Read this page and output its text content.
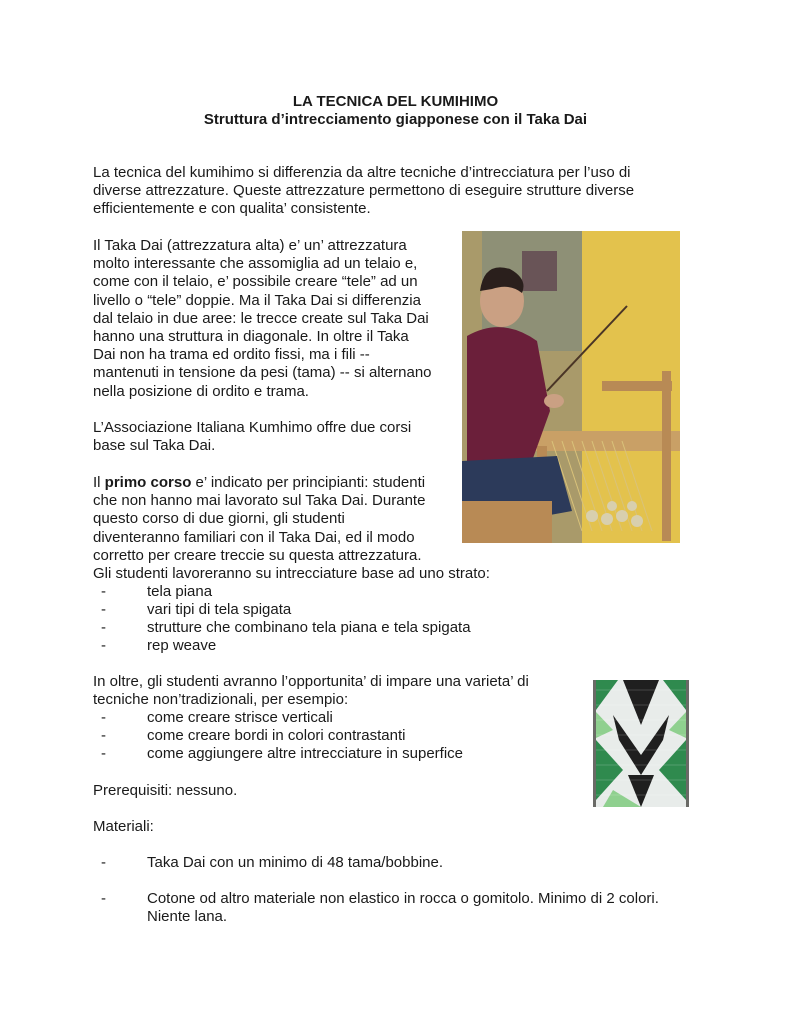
LA TECNICA DEL KUMIHIMO
Struttura d’intrecciamento giapponese con il Taka Dai
La tecnica del kumihimo si differenzia da altre tecniche d’intrecciatura per l’uso di
diverse attrezzature. Queste attrezzature permettono di eseguire strutture diverse
efficientemente e con qualita’ consistente.
Il Taka Dai (attrezzatura alta) e’ un’ attrezzatura
molto interessante che assomiglia ad un telaio e,
come con il telaio, e’ possibile creare “tele” ad un
livello o “tele” doppie. Ma il Taka Dai si differenzia
dal telaio in due aree: le trecce create sul Taka Dai
hanno una struttura in diagonale. In oltre il Taka
Dai non ha trama ed ordito fissi, ma i fili --
mantenuti in tensione da pesi (tama) -- si alternano
nella posizione di ordito e trama.
L’Associazione Italiana Kumhimo offre due corsi
base sul Taka Dai.
Il primo corso e’ indicato per principianti: studenti
che non hanno mai lavorato sul Taka Dai. Durante
questo corso di due giorni, gli studenti
diventeranno familiari con il Taka Dai, ed il modo
corretto per creare treccie su questa attrezzatura.
Gli studenti lavoreranno su intrecciature base ad uno strato:
-	tela piana
-	vari tipi di tela spigata
-	strutture che combinano tela piana e tela spigata
-	rep weave
In oltre, gli studenti avranno l’opportunita’ di impare una varieta’ di
tecniche non’tradizionali, per esempio:
-	come creare strisce verticali
-	come creare bordi in colori contrastanti
-	come aggiungere altre intrecciature in superfice
Prerequisiti: nessuno.
Materiali:
-	Taka Dai con un minimo di 48 tama/bobbine.
-	Cotone od altro materiale non elastico in rocca o gomitolo. Minimo di 2 colori.
Niente lana.
